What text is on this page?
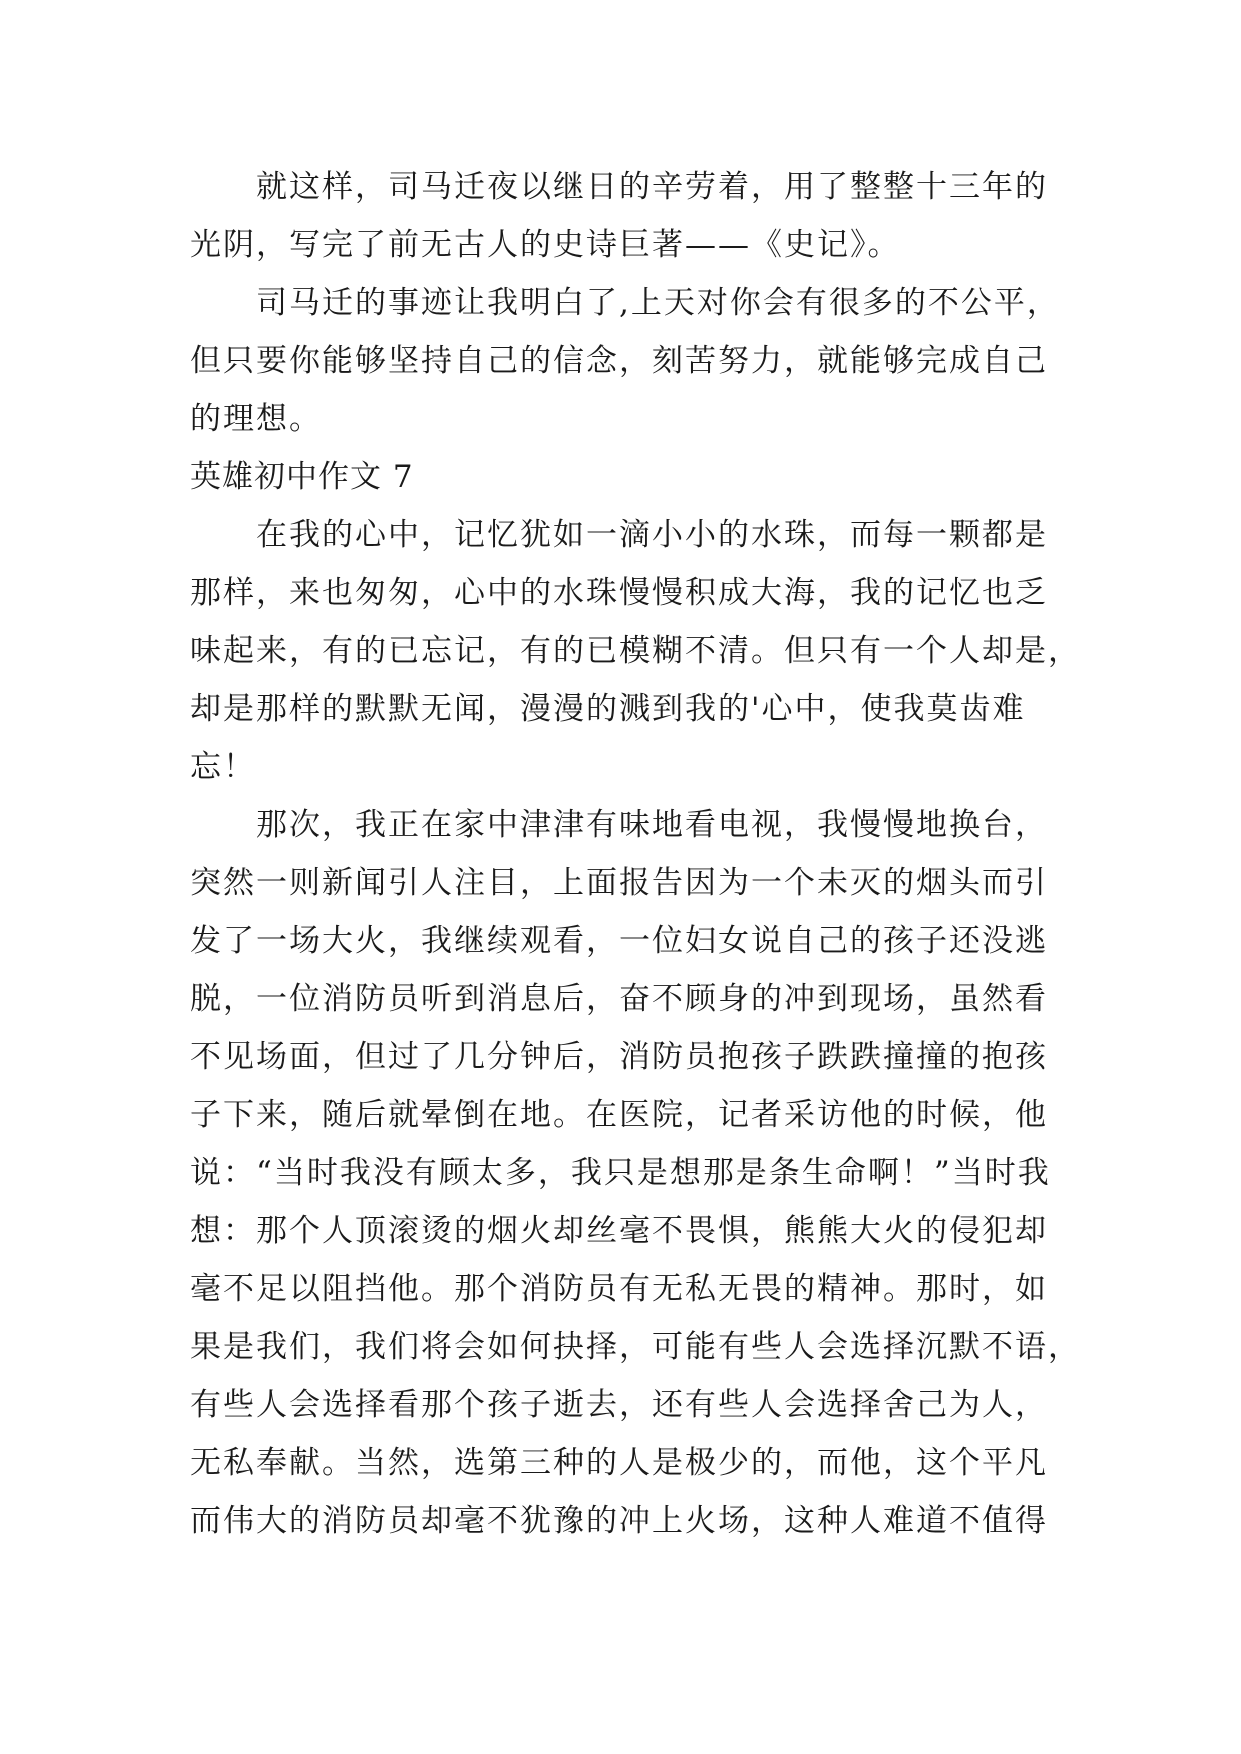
就这样，司马迁夜以继日的辛劳着，用了整整十三年的
光阴，写完了前无古人的史诗巨著——《史记》。
司马迁的事迹让我明白了,上天对你会有很多的不公平，
但只要你能够坚持自己的信念，刻苦努力，就能够完成自己
的理想。
英雄初中作文 7
在我的心中，记忆犹如一滴小小的水珠，而每一颗都是
那样，来也匆匆，心中的水珠慢慢积成大海，我的记忆也乏
味起来，有的已忘记，有的已模糊不清。但只有一个人却是，
却是那样的默默无闻，漫漫的溅到我的'心中，使我莫齿难
忘！
那次，我正在家中津津有味地看电视，我慢慢地换台，
突然一则新闻引人注目，上面报告因为一个未灭的烟头而引
发了一场大火，我继续观看，一位妇女说自己的孩子还没逃
脱，一位消防员听到消息后，奋不顾身的冲到现场，虽然看
不见场面，但过了几分钟后，消防员抱孩子跌跌撞撞的抱孩
子下来，随后就晕倒在地。在医院，记者采访他的时候，他
说：“当时我没有顾太多，我只是想那是条生命啊！”当时我
想：那个人顶滚烫的烟火却丝毫不畏惧，熊熊大火的侵犯却
毫不足以阻挡他。那个消防员有无私无畏的精神。那时，如
果是我们，我们将会如何抉择，可能有些人会选择沉默不语，
有些人会选择看那个孩子逝去，还有些人会选择舍己为人，
无私奉献。当然，选第三种的人是极少的，而他，这个平凡
而伟大的消防员却毫不犹豫的冲上火场，这种人难道不值得
